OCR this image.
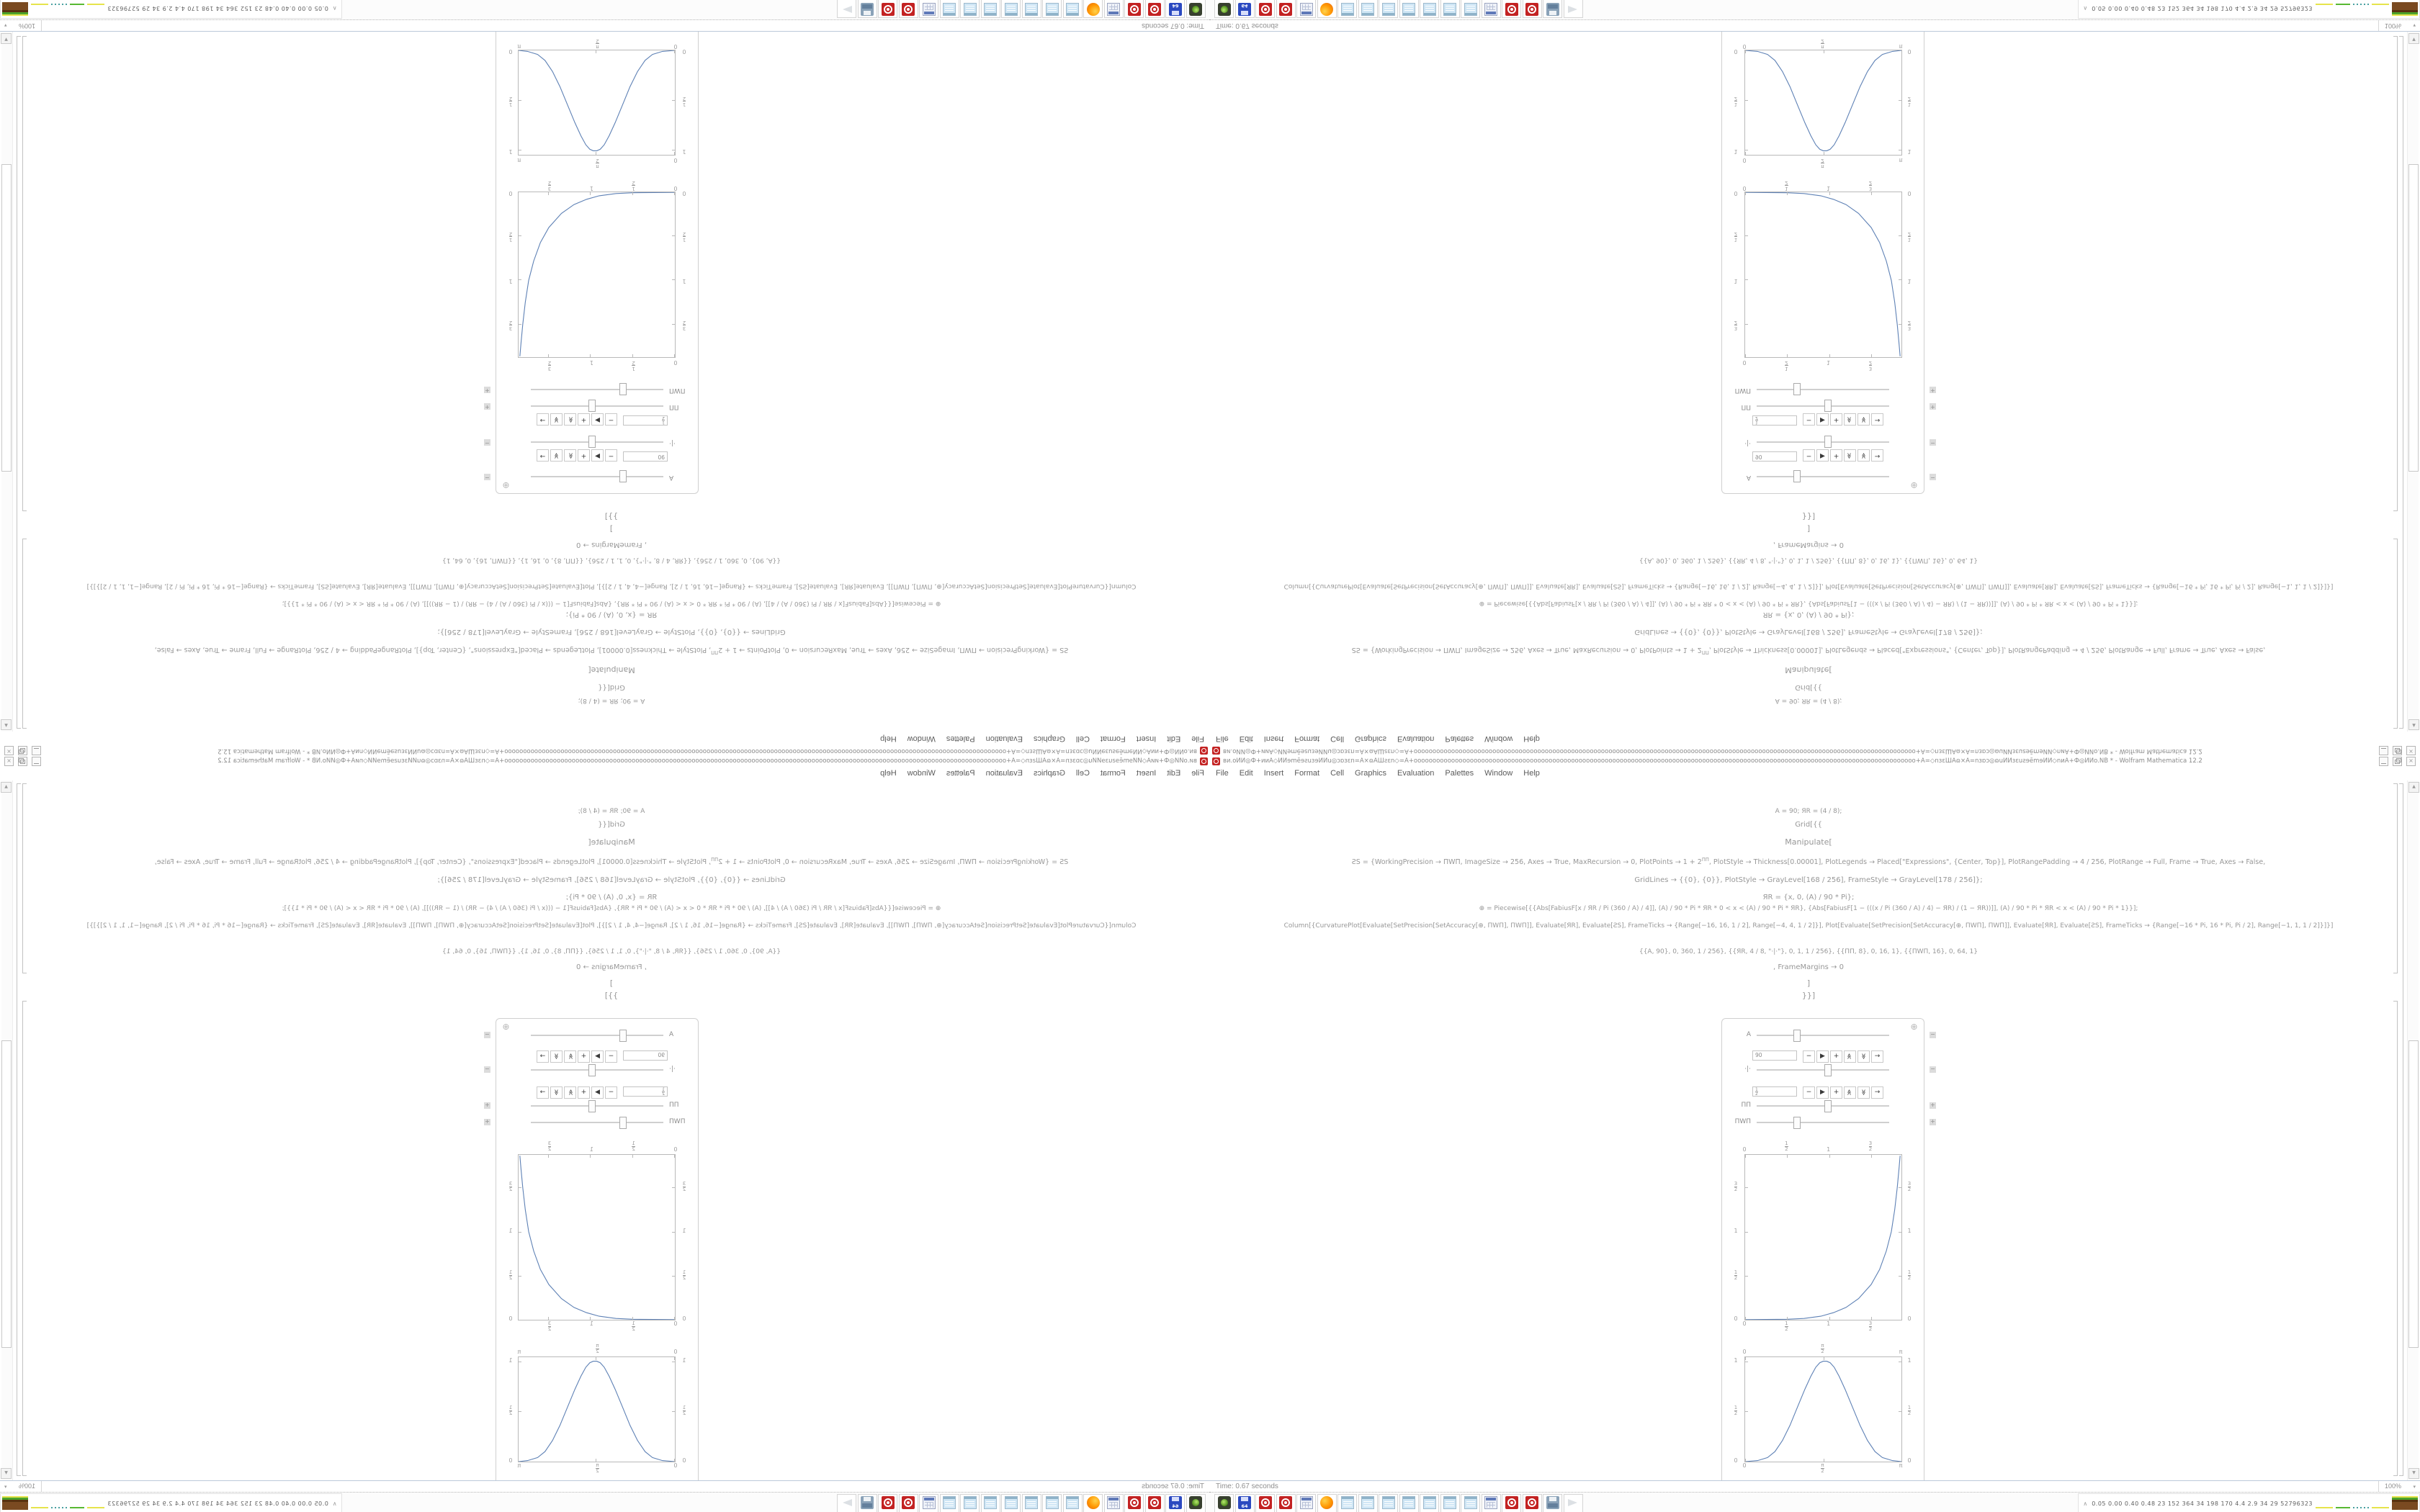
ви.oИͶ◎Ф+ᴎᴎA◇ИͶɘmĕɘƨuзɘИͶu◎ɔɒзɛn=A×ɷAШƨɛn◇=A+oooooooooooooooooooooooooooooooooooooooooooooooooooooooooooooooooooooooooooooooooooooooooooooooooooooooooooooooooooooooooooooooooooooo+A=◇nɜɛШAɷ×A=nɜɒɔ◎ɷuИͶзɛuƨɘĕmɘИͶ◇nᴎA+Ф◎ИͶo.NB * - Wolfram Mathematica 12.2	×
File Edit Insert Format Cell Graphics Evaluation Palettes Window Help
A = 90; ЯR = (4 / 8);
Grid[{{
Manipulate[
ƧS = {WorkingPrecision → ПWП, ImageSize → 256, Axes → True, MaxRecursion → 0, PlotPoints → $1 + 2^{ПП}$, PlotStyle → Thickness[0.00001], PlotLegends → Placed["Expressions", {Center, Top}], PlotRangePadding → 4 / 256, PlotRange → Full, Frame → True, Axes → False,
GridLines → {{0}, {0}}, PlotStyle → GrayLevel[168 / 256], FrameStyle → GrayLevel[178 / 256]};
ЯR = {x, 0, (A) / 90 * Pi};
⊕ = Piecewise[{{Abs[FabiusF[x / ЯR / Pi (360 / A) / 4]], (A) / 90 * Pi * ЯR * 0 < x < (A) / 90 * Pi * ЯR}, {Abs[FabiusF[1 − (((x / Pi (360 / A) / 4) − ЯR) / (1 − ЯR))]], (A) / 90 * Pi * ЯR < x < (A) / 90 * Pi * 1}}];
Column[{CurvaturePlot[Evaluate[SetPrecision[SetAccuracy[⊕, ПWП], ПWП]], Evaluate[ЯR], Evaluate[ƧS], FrameTicks → {Range[−16, 16, 1 / 2], Range[−4, 4, 1 / 2]}], Plot[Evaluate[SetPrecision[SetAccuracy[⊕, ПWП], ПWП]], Evaluate[ЯR], Evaluate[ƧS], FrameTicks → {Range[−16 * Pi, 16 * Pi, Pi / 2], Range[−1, 1, 1 / 2]}]}]
{{A, 90}, 0, 360, 1 / 256}, {{ЯR, 4 / 8, "·|·"}, 0, 1, 1 / 256}, {{ПП, 8}, 0, 16, 1}, {{ПWП, 16}, 0, 64, 1}
, FrameMargins → 0
]
}}]
⊕
A	−
90	−	▶	+	≫	≫	→
·|·	−
$\frac{1}{2}$	−	▶	+	≫	≫	→
ПП	+
ПWП	+
0
0
$\frac{1}{2}$
$\frac{1}{2}$
1
1
$\frac{3}{2}$
$\frac{3}{2}$
0	0
$\frac{1}{2}$	$\frac{1}{2}$
1	1
$\frac{3}{2}$	$\frac{3}{2}$
0
0
$\frac{\pi}{2}$
$\frac{\pi}{2}$
π
π
0	0
$\frac{1}{2}$	$\frac{1}{2}$
1	1
▲
▼
Time: 0.67 seconds	100%	▾
64
∧ 0.05 0.00 0.40 0.48 23 152 364 34 198 170 4.4 2.9 34 29 52796323
ви.oИͶ◎Ф+ᴎᴎA◇ИͶɘmĕɘƨuзɘИͶu◎ɔɒзɛn=A×ɷAШƨɛn◇=A+oooooooooooooooooooooooooooooooooooooooooooooooooooooooooooooooooooooooooooooooooooooooooooooooooooooooooooooooooooooooooooooooooooooo+A=◇nɜɛШAɷ×A=nɜɒɔ◎ɷuИͶзɛuƨɘĕmɘИͶ◇nᴎA+Ф◎ИͶo.NB * - Wolfram Mathematica 12.2
×
File
Edit
Insert
Format
Cell
Graphics
Evaluation
Palettes
Window
Help
A = 90; ЯR = (4 / 8);
Grid[{{
Manipulate[
ƧS = {WorkingPrecision → ПWП, ImageSize → 256, Axes → True, MaxRecursion → 0, PlotPoints → $1 + 2^{ПП}$, PlotStyle → Thickness[0.00001], PlotLegends → Placed["Expressions", {Center, Top}], PlotRangePadding → 4 / 256, PlotRange → Full, Frame → True, Axes → False,
GridLines → {{0}, {0}}, PlotStyle → GrayLevel[168 / 256], FrameStyle → GrayLevel[178 / 256]};
ЯR = {x, 0, (A) / 90 * Pi};
⊕ = Piecewise[{{Abs[FabiusF[x / ЯR / Pi (360 / A) / 4]], (A) / 90 * Pi * ЯR * 0 < x < (A) / 90 * Pi * ЯR}, {Abs[FabiusF[1 − (((x / Pi (360 / A) / 4) − ЯR) / (1 − ЯR))]], (A) / 90 * Pi * ЯR < x < (A) / 90 * Pi * 1}}];
Column[{CurvaturePlot[Evaluate[SetPrecision[SetAccuracy[⊕, ПWП], ПWП]], Evaluate[ЯR], Evaluate[ƧS], FrameTicks → {Range[−16, 16, 1 / 2], Range[−4, 4, 1 / 2]}], Plot[Evaluate[SetPrecision[SetAccuracy[⊕, ПWП], ПWП]], Evaluate[ЯR], Evaluate[ƧS], FrameTicks → {Range[−16 * Pi, 16 * Pi, Pi / 2], Range[−1, 1, 1 / 2]}]}]
{{A, 90}, 0, 360, 1 / 256}, {{ЯR, 4 / 8, "·|·"}, 0, 1, 1 / 256}, {{ПП, 8}, 0, 16, 1}, {{ПWП, 16}, 0, 64, 1}
, FrameMargins → 0
]
}}]
⊕
A
−
90
−
▶
+
≫
≫
→
·|·
−
1
2
−
▶
+
≫
≫
→
ПП
+
ПWП
+
0
0
1
2
1
2
1
1
3
2
3
2
0
0
1
2
1
2
1
1
3
2
3
2
0
0
π
2
π
2
π
π
0
0
1
2
1
2
1
1
▲
▼
Time: 0.67 seconds
100%
▾
64
∧
0.05 0.00 0.40 0.48 23 152 364 34 198 170 4.4 2.9 34 29 52796323
ви.oИͶ◎Ф+ᴎᴎA◇ИͶɘmĕɘƨuзɘИͶu◎ɔɒзɛn=A×ɷAШƨɛn◇=A+oooooooooooooooooooooooooooooooooooooooooooooooooooooooooooooooooooooooooooooooooooooooooooooooooooooooooooooooooooooooooooooooooooooo+A=◇nɜɛШAɷ×A=nɜɒɔ◎ɷuИͶзɛuƨɘĕmɘИͶ◇nᴎA+Ф◎ИͶo.NB * - Wolfram Mathematica 12.2	×
File Edit Insert Format Cell Graphics Evaluation Palettes Window Help
A = 90; ЯR = (4 / 8);
Grid[{{
Manipulate[
ƧS = {WorkingPrecision → ПWП, ImageSize → 256, Axes → True, MaxRecursion → 0, PlotPoints → $1 + 2^{ПП}$, PlotStyle → Thickness[0.00001], PlotLegends → Placed["Expressions", {Center, Top}], PlotRangePadding → 4 / 256, PlotRange → Full, Frame → True, Axes → False,
GridLines → {{0}, {0}}, PlotStyle → GrayLevel[168 / 256], FrameStyle → GrayLevel[178 / 256]};
ЯR = {x, 0, (A) / 90 * Pi};
⊕ = Piecewise[{{Abs[FabiusF[x / ЯR / Pi (360 / A) / 4]], (A) / 90 * Pi * ЯR * 0 < x < (A) / 90 * Pi * ЯR}, {Abs[FabiusF[1 − (((x / Pi (360 / A) / 4) − ЯR) / (1 − ЯR))]], (A) / 90 * Pi * ЯR < x < (A) / 90 * Pi * 1}}];
Column[{CurvaturePlot[Evaluate[SetPrecision[SetAccuracy[⊕, ПWП], ПWП]], Evaluate[ЯR], Evaluate[ƧS], FrameTicks → {Range[−16, 16, 1 / 2], Range[−4, 4, 1 / 2]}], Plot[Evaluate[SetPrecision[SetAccuracy[⊕, ПWП], ПWП]], Evaluate[ЯR], Evaluate[ƧS], FrameTicks → {Range[−16 * Pi, 16 * Pi, Pi / 2], Range[−1, 1, 1 / 2]}]}]
{{A, 90}, 0, 360, 1 / 256}, {{ЯR, 4 / 8, "·|·"}, 0, 1, 1 / 256}, {{ПП, 8}, 0, 16, 1}, {{ПWП, 16}, 0, 64, 1}
, FrameMargins → 0
]
}}]
⊕
A	−
90	−	▶	+	≫	≫	→
·|·	−
1
2	−	▶	+	≫	≫	→
ПП	+
ПWП	+
0
0
1
2
1
2
1
1
3
2
3
2
0	0
1
2
1
2
1	1
3
2
3
2
0
0
π
2
π
2
π
π
0	0
1
2
1
2
1	1
▲
▼
Time: 0.67 seconds	100%	▾
64
∧ 0.05 0.00 0.40 0.48 23 152 364 34 198 170 4.4 2.9 34 29 52796323
ви.oИͶ◎Ф+ᴎᴎA◇ИͶɘmĕɘƨuзɘИͶu◎ɔɒзɛn=A×ɷAШƨɛn◇=A+oooooooooooooooooooooooooooooooooooooooooooooooooooooooooooooooooooooooooooooooooooooooooooooooooooooooooooooooooooooooooooooooooooooo+A=◇nɜɛШAɷ×A=nɜɒɔ◎ɷuИͶзɛuƨɘĕmɘИͶ◇nᴎA+Ф◎ИͶo.NB * - Wolfram Mathematica 12.2
×
File
Edit
Insert
Format
Cell
Graphics
Evaluation
Palettes
Window
Help
A = 90; ЯR = (4 / 8);
Grid[{{
Manipulate[
ƧS = {WorkingPrecision → ПWП, ImageSize → 256, Axes → True, MaxRecursion → 0, PlotPoints → $1 + 2^{ПП}$, PlotStyle → Thickness[0.00001], PlotLegends → Placed["Expressions", {Center, Top}], PlotRangePadding → 4 / 256, PlotRange → Full, Frame → True, Axes → False,
GridLines → {{0}, {0}}, PlotStyle → GrayLevel[168 / 256], FrameStyle → GrayLevel[178 / 256]};
ЯR = {x, 0, (A) / 90 * Pi};
⊕ = Piecewise[{{Abs[FabiusF[x / ЯR / Pi (360 / A) / 4]], (A) / 90 * Pi * ЯR * 0 < x < (A) / 90 * Pi * ЯR}, {Abs[FabiusF[1 − (((x / Pi (360 / A) / 4) − ЯR) / (1 − ЯR))]], (A) / 90 * Pi * ЯR < x < (A) / 90 * Pi * 1}}];
Column[{CurvaturePlot[Evaluate[SetPrecision[SetAccuracy[⊕, ПWП], ПWП]], Evaluate[ЯR], Evaluate[ƧS], FrameTicks → {Range[−16, 16, 1 / 2], Range[−4, 4, 1 / 2]}], Plot[Evaluate[SetPrecision[SetAccuracy[⊕, ПWП], ПWП]], Evaluate[ЯR], Evaluate[ƧS], FrameTicks → {Range[−16 * Pi, 16 * Pi, Pi / 2], Range[−1, 1, 1 / 2]}]}]
{{A, 90}, 0, 360, 1 / 256}, {{ЯR, 4 / 8, "·|·"}, 0, 1, 1 / 256}, {{ПП, 8}, 0, 16, 1}, {{ПWП, 16}, 0, 64, 1}
, FrameMargins → 0
]
}}]
⊕
A
−
90
−
▶
+
≫
≫
→
·|·
−
$\frac{1}{2}$
−
▶
+
≫
≫
→
ПП
+
ПWП
+
0
0
$\frac{1}{2}$
$\frac{1}{2}$
1
1
$\frac{3}{2}$
$\frac{3}{2}$
0
0
$\frac{1}{2}$
$\frac{1}{2}$
1
1
$\frac{3}{2}$
$\frac{3}{2}$
0
0
$\frac{\pi}{2}$
$\frac{\pi}{2}$
π
π
0
0
$\frac{1}{2}$
$\frac{1}{2}$
1
1
▲
▼
Time: 0.67 seconds
100%
▾
64
∧
0.05 0.00 0.40 0.48 23 152 364 34 198 170 4.4 2.9 34 29 52796323
